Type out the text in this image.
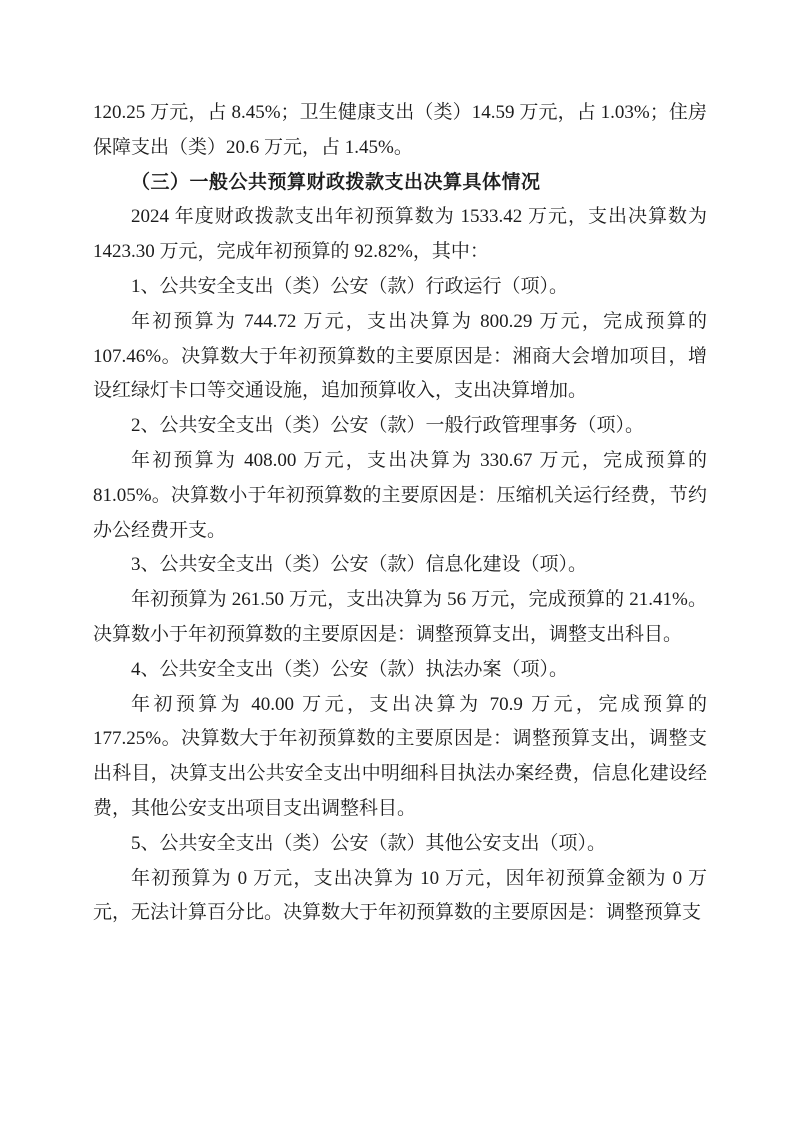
120.25 万元，占 8.45%；卫生健康支出（类）14.59 万元，占 1.03%；住房保障支出（类）20.6 万元，占 1.45%。

（三）一般公共预算财政拨款支出决算具体情况

2024 年度财政拨款支出年初预算数为 1533.42 万元，支出决算数为 1423.30 万元，完成年初预算的 92.82%，其中：

1、公共安全支出（类）公安（款）行政运行（项）。

年初预算为 744.72 万元，支出决算为 800.29 万元，完成预算的 107.46%。决算数大于年初预算数的主要原因是：湘商大会增加项目，增设红绿灯卡口等交通设施，追加预算收入，支出决算增加。

2、公共安全支出（类）公安（款）一般行政管理事务（项）。

年初预算为 408.00 万元，支出决算为 330.67 万元，完成预算的 81.05%。决算数小于年初预算数的主要原因是：压缩机关运行经费，节约办公经费开支。

3、公共安全支出（类）公安（款）信息化建设（项）。

年初预算为 261.50 万元，支出决算为 56 万元，完成预算的 21.41%。决算数小于年初预算数的主要原因是：调整预算支出，调整支出科目。

4、公共安全支出（类）公安（款）执法办案（项）。

年初预算为 40.00 万元，支出决算为 70.9 万元，完成预算的 177.25%。决算数大于年初预算数的主要原因是：调整预算支出，调整支出科目，决算支出公共安全支出中明细科目执法办案经费，信息化建设经费，其他公安支出项目支出调整科目。

5、公共安全支出（类）公安（款）其他公安支出（项）。

年初预算为 0 万元，支出决算为 10 万元，因年初预算金额为 0 万元，无法计算百分比。决算数大于年初预算数的主要原因是：调整预算支
